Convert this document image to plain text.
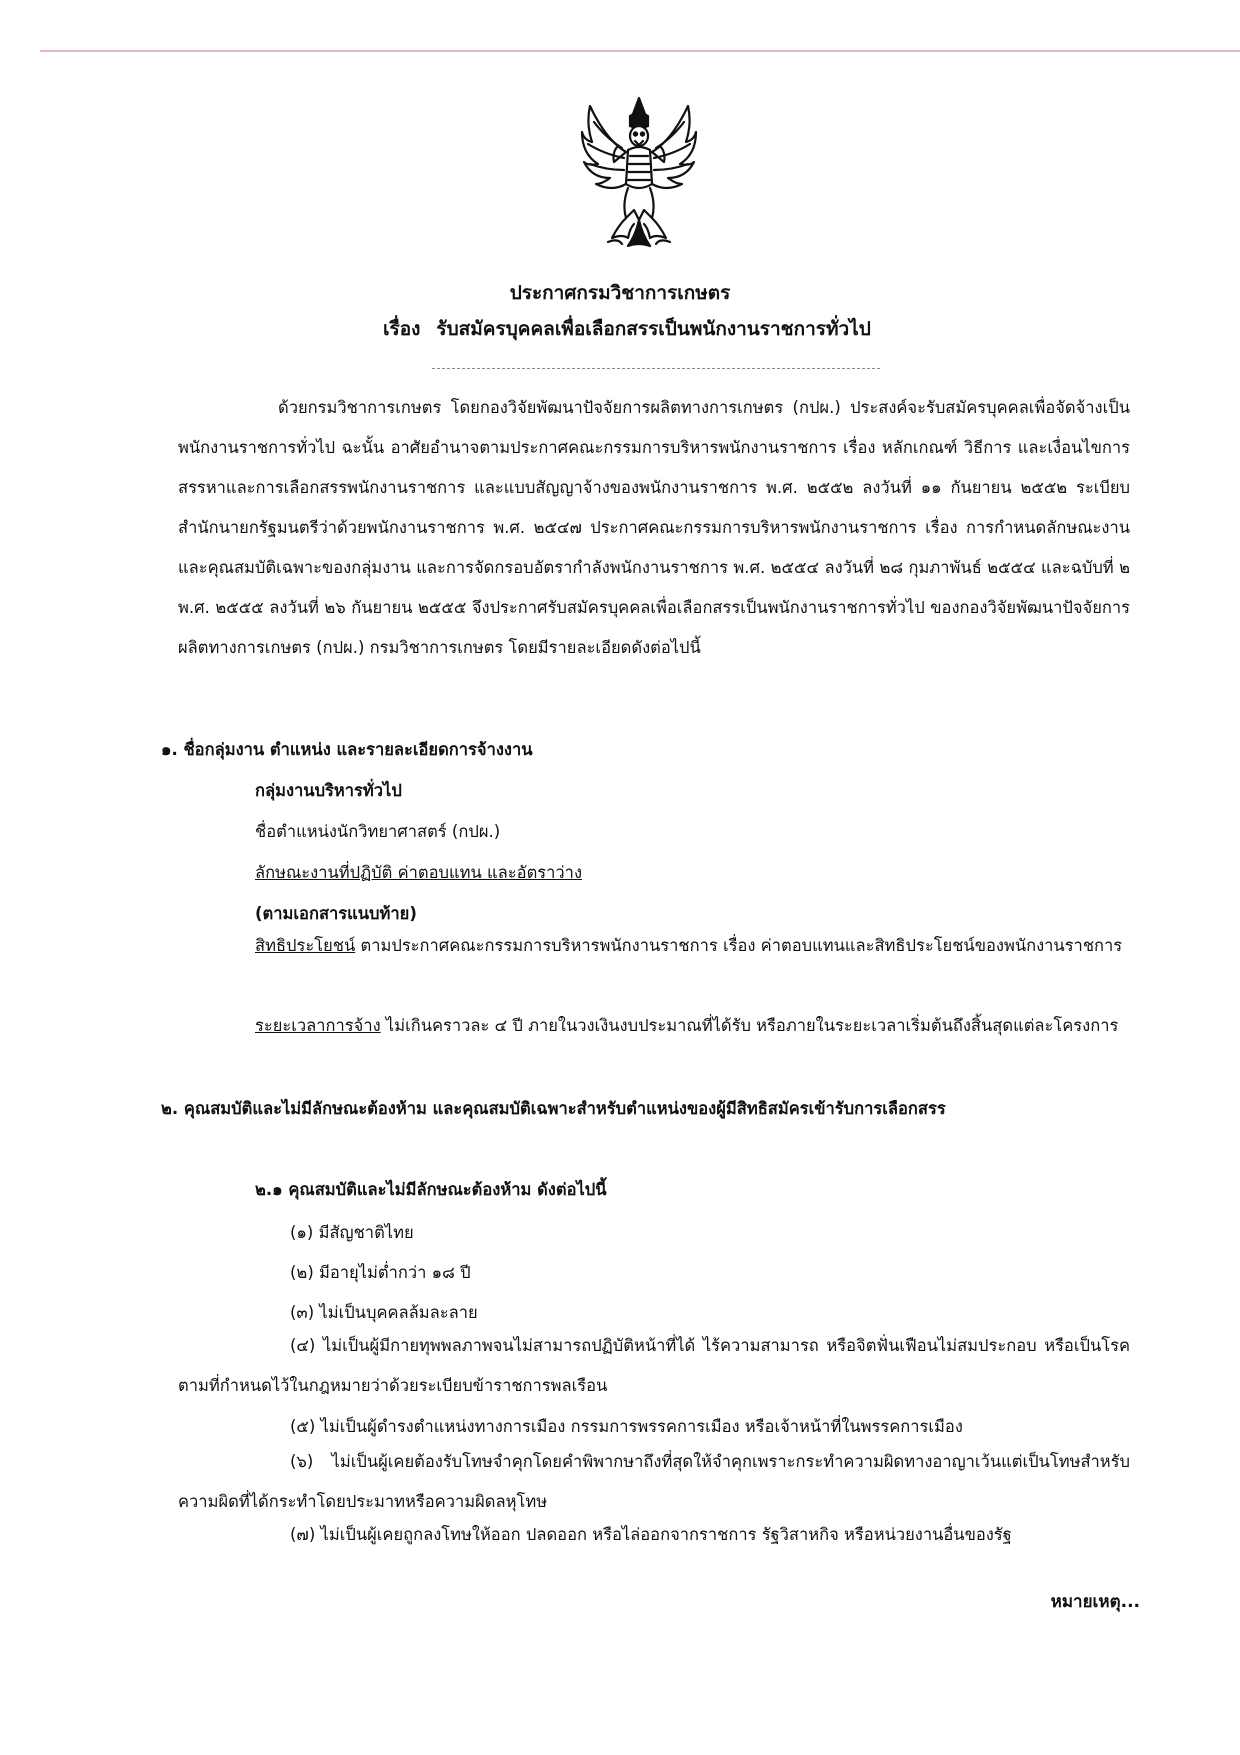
ประกาศกรมวิชาการเกษตร
เรื่อง รับสมัครบุคคลเพื่อเลือกสรรเป็นพนักงานราชการทั่วไป
ด้วยกรมวิชาการเกษตร โดยกองวิจัยพัฒนาปัจจัยการผลิตทางการเกษตร (กปผ.) ประสงค์จะรับสมัครบุคคลเพื่อจัดจ้างเป็นพนักงานราชการทั่วไป ฉะนั้น อาศัยอำนาจตามประกาศคณะกรรมการบริหารพนักงานราชการ เรื่อง หลักเกณฑ์ วิธีการ และเงื่อนไขการสรรหาและการเลือกสรรพนักงานราชการ และแบบสัญญาจ้างของพนักงานราชการ พ.ศ. ๒๕๕๒ ลงวันที่ ๑๑ กันยายน ๒๕๕๒ ระเบียบสำนักนายกรัฐมนตรีว่าด้วยพนักงานราชการ พ.ศ. ๒๕๔๗ ประกาศคณะกรรมการบริหารพนักงานราชการ เรื่อง การกำหนดลักษณะงานและคุณสมบัติเฉพาะของกลุ่มงาน และการจัดกรอบอัตรากำลังพนักงานราชการ พ.ศ. ๒๕๕๔ ลงวันที่ ๒๘ กุมภาพันธ์ ๒๕๕๔ และฉบับที่ ๒ พ.ศ. ๒๕๕๕ ลงวันที่ ๒๖ กันยายน ๒๕๕๕ จึงประกาศรับสมัครบุคคลเพื่อเลือกสรรเป็นพนักงานราชการทั่วไป ของกองวิจัยพัฒนาปัจจัยการผลิตทางการเกษตร (กปผ.) กรมวิชาการเกษตร โดยมีรายละเอียดดังต่อไปนี้
๑. ชื่อกลุ่มงาน ตำแหน่ง และรายละเอียดการจ้างงาน
กลุ่มงานบริหารทั่วไป
ชื่อตำแหน่งนักวิทยาศาสตร์ (กปผ.)
ลักษณะงานที่ปฏิบัติ ค่าตอบแทน และอัตราว่าง
(ตามเอกสารแนบท้าย)
สิทธิประโยชน์ ตามประกาศคณะกรรมการบริหารพนักงานราชการ เรื่อง ค่าตอบแทนและสิทธิประโยชน์ของพนักงานราชการ
ระยะเวลาการจ้าง ไม่เกินคราวละ ๔ ปี ภายในวงเงินงบประมาณที่ได้รับ หรือภายในระยะเวลาเริ่มต้นถึงสิ้นสุดแต่ละโครงการ
๒. คุณสมบัติและไม่มีลักษณะต้องห้าม และคุณสมบัติเฉพาะสำหรับตำแหน่งของผู้มีสิทธิสมัครเข้ารับการเลือกสรร
๒.๑ คุณสมบัติและไม่มีลักษณะต้องห้าม ดังต่อไปนี้
(๑) มีสัญชาติไทย
(๒) มีอายุไม่ต่ำกว่า ๑๘ ปี
(๓) ไม่เป็นบุคคลล้มละลาย
(๔) ไม่เป็นผู้มีกายทุพพลภาพจนไม่สามารถปฏิบัติหน้าที่ได้ ไร้ความสามารถ หรือจิตฟั่นเฟือนไม่สมประกอบ หรือเป็นโรคตามที่กำหนดไว้ในกฎหมายว่าด้วยระเบียบข้าราชการพลเรือน
(๕) ไม่เป็นผู้ดำรงตำแหน่งทางการเมือง กรรมการพรรคการเมือง หรือเจ้าหน้าที่ในพรรคการเมือง
(๖) ไม่เป็นผู้เคยต้องรับโทษจำคุกโดยคำพิพากษาถึงที่สุดให้จำคุกเพราะกระทำความผิดทางอาญาเว้นแต่เป็นโทษสำหรับความผิดที่ได้กระทำโดยประมาทหรือความผิดลหุโทษ
(๗) ไม่เป็นผู้เคยถูกลงโทษให้ออก ปลดออก หรือไล่ออกจากราชการ รัฐวิสาหกิจ หรือหน่วยงานอื่นของรัฐ
หมายเหตุ...
